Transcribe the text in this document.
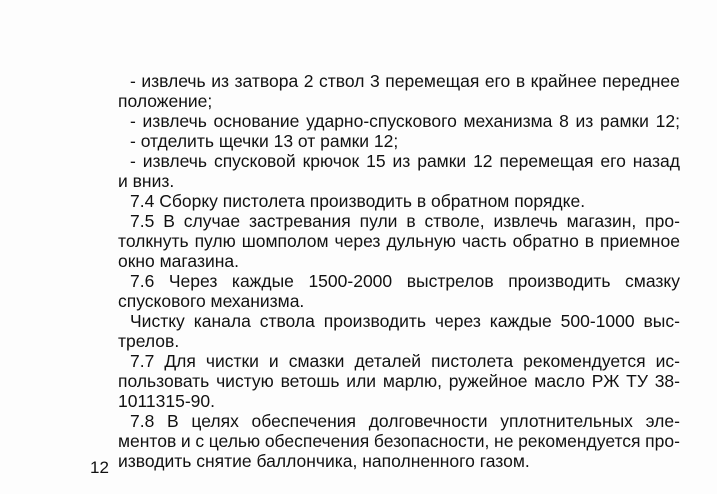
- извлечь из затвора 2 ствол 3 перемещая его в крайнее переднее
положение;
- извлечь основание ударно-спускового механизма 8 из рамки 12;
- отделить щечки 13 от рамки 12;
- извлечь спусковой крючок 15 из рамки 12 перемещая его назад
и вниз.
7.4 Сборку пистолета производить в обратном порядке.
7.5 В случае застревания пули в стволе, извлечь магазин, про-
толкнуть пулю шомполом через дульную часть обратно в приемное
окно магазина.
7.6 Через каждые 1500-2000 выстрелов производить смазку
спускового механизма.
Чистку канала ствола производить через каждые 500-1000 выс-
трелов.
7.7 Для чистки и смазки деталей пистолета рекомендуется ис-
пользовать чистую ветошь или марлю, ружейное масло РЖ ТУ 38-
1011315-90.
7.8 В целях обеспечения долговечности уплотнительных эле-
ментов и с целью обеспечения безопасности, не рекомендуется про-
изводить снятие баллончика, наполненного газом.
12
